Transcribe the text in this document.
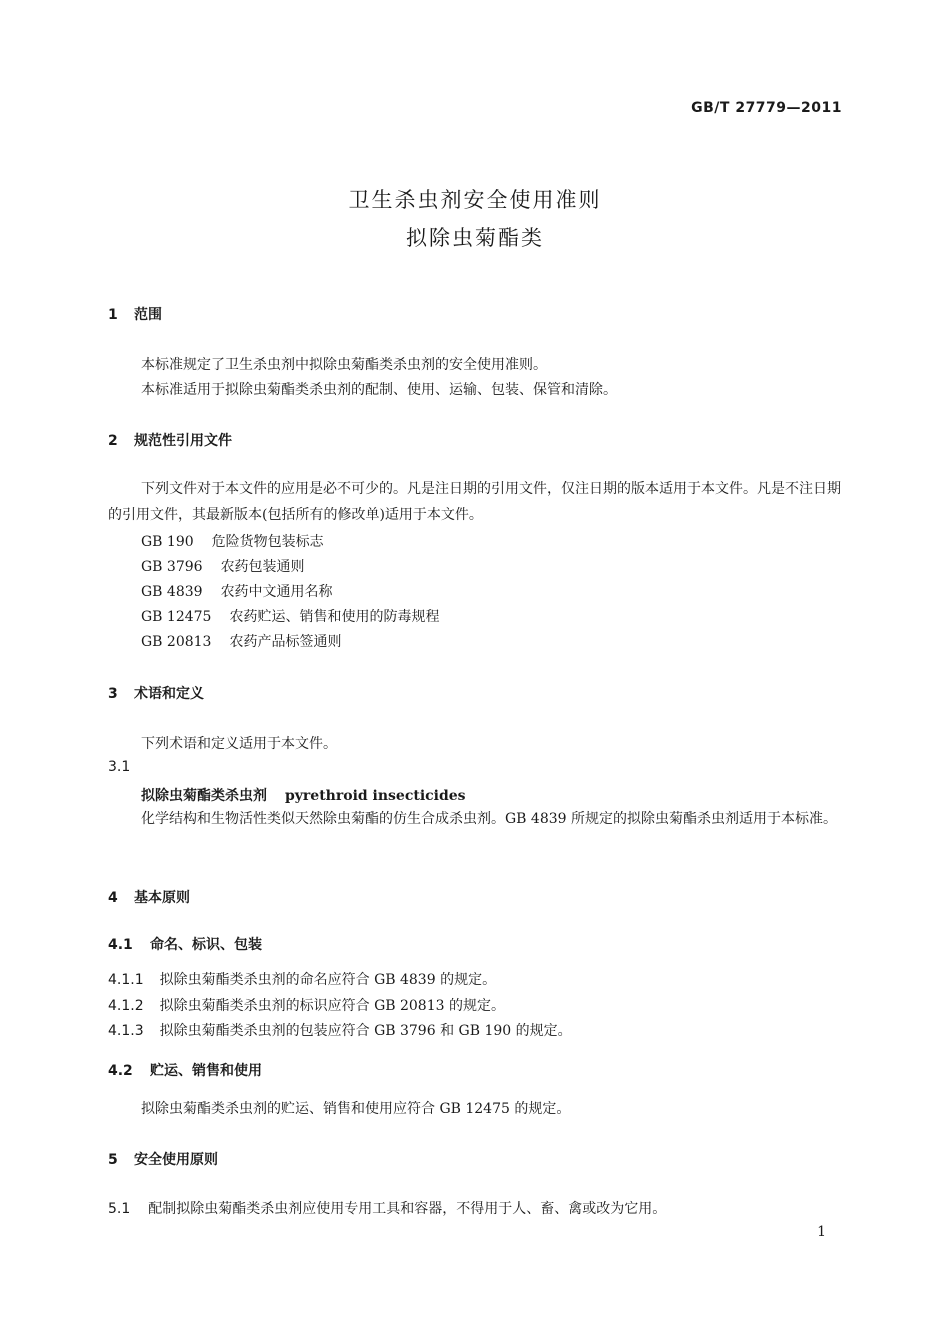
GB/T 27779—2011
卫生杀虫剂安全使用准则
拟除虫菊酯类
1 范围
本标准规定了卫生杀虫剂中拟除虫菊酯类杀虫剂的安全使用准则。
本标准适用于拟除虫菊酯类杀虫剂的配制、使用、运输、包装、保管和清除。
2 规范性引用文件
下列文件对于本文件的应用是必不可少的。凡是注日期的引用文件，仅注日期的版本适用于本文件。凡是不注日期的引用文件，其最新版本(包括所有的修改单)适用于本文件。
GB 190 危险货物包装标志
GB 3796 农药包装通则
GB 4839 农药中文通用名称
GB 12475 农药贮运、销售和使用的防毒规程
GB 20813 农药产品标签通则
3 术语和定义
下列术语和定义适用于本文件。
3.1
拟除虫菊酯类杀虫剂 pyrethroid insecticides
化学结构和生物活性类似天然除虫菊酯的仿生合成杀虫剂。GB 4839 所规定的拟除虫菊酯杀虫剂适用于本标准。
4 基本原则
4.1 命名、标识、包装
4.1.1 拟除虫菊酯类杀虫剂的命名应符合 GB 4839 的规定。
4.1.2 拟除虫菊酯类杀虫剂的标识应符合 GB 20813 的规定。
4.1.3 拟除虫菊酯类杀虫剂的包装应符合 GB 3796 和 GB 190 的规定。
4.2 贮运、销售和使用
拟除虫菊酯类杀虫剂的贮运、销售和使用应符合 GB 12475 的规定。
5 安全使用原则
5.1 配制拟除虫菊酯类杀虫剂应使用专用工具和容器，不得用于人、畜、禽或改为它用。
1
